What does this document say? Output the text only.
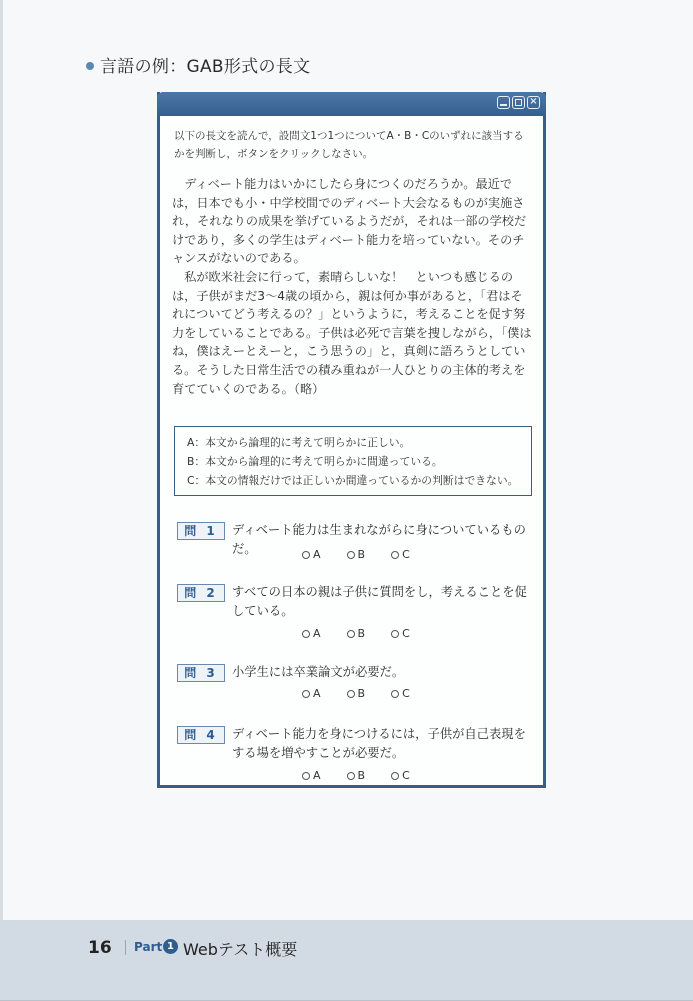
言語の例：GAB形式の長文
×
以下の長文を読んで，設問文1つ1つについてA・B・Cのいずれに該当するかを判断し，ボタンをクリックしなさい。

ディベート能力はいかにしたら身につくのだろうか。最近では，日本でも小・中学校間でのディベート大会なるものが実施され，それなりの成果を挙げているようだが，それは一部の学校だけであり，多くの学生はディベート能力を培っていない。そのチャンスがないのである。

私が欧米社会に行って，素晴らしいな！　といつも感じるのは，子供がまだ3〜4歳の頃から，親は何か事があると，「君はそれについてどう考えるの？」というように，考えることを促す努力をしていることである。子供は必死で言葉を捜しながら，「僕はね，僕はえーとえーと，こう思うの」と，真剣に語ろうとしている。そうした日常生活での積み重ねが一人ひとりの主体的考えを育てていくのである。（略）

A：本文から論理的に考えて明らかに正しい。
B：本文から論理的に考えて明らかに間違っている。
C：本文の情報だけでは正しいか間違っているかの判断はできない。
問 1	ディベート能力は生まれながらに身についているものだ。	A	B	C
問 2	すべての日本の親は子供に質問をし，考えることを促している。
A	B	C
問 3	小学生には卒業論文が必要だ。
A	B	C
問 4	ディベート能力を身につけるには，子供が自己表現をする場を増やすことが必要だ。
A	B	C
16 Part 1 Webテスト概要
